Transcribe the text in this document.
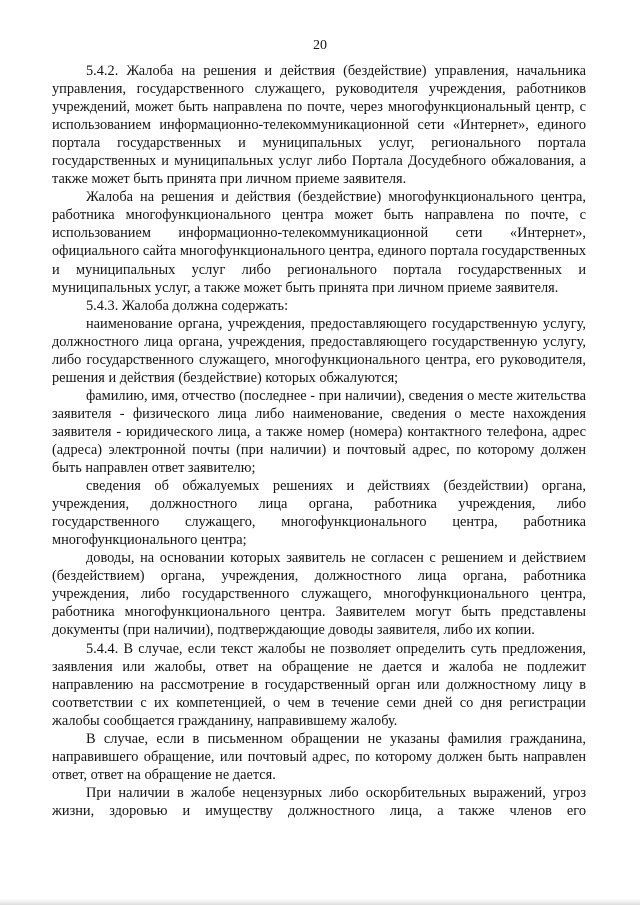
20

5.4.2. Жалоба на решения и действия (бездействие) управления, начальника управления, государственного служащего, руководителя учреждения, работников учреждений, может быть направлена по почте, через многофункциональный центр, с использованием информационно-телекоммуникационной сети «Интернет», единого портала государственных и муниципальных услуг, регионального портала государственных и муниципальных услуг либо Портала Досудебного обжалования, а также может быть принята при личном приеме заявителя.

Жалоба на решения и действия (бездействие) многофункционального центра, работника многофункционального центра может быть направлена по почте, с использованием информационно-телекоммуникационной сети «Интернет», официального сайта многофункционального центра, единого портала государственных и муниципальных услуг либо регионального портала государственных и муниципальных услуг, а также может быть принята при личном приеме заявителя.

5.4.3. Жалоба должна содержать:

наименование органа, учреждения, предоставляющего государственную услугу, должностного лица органа, учреждения, предоставляющего государственную услугу, либо государственного служащего, многофункционального центра, его руководителя, решения и действия (бездействие) которых обжалуются;

фамилию, имя, отчество (последнее - при наличии), сведения о месте жительства заявителя - физического лица либо наименование, сведения о месте нахождения заявителя - юридического лица, а также номер (номера) контактного телефона, адрес (адреса) электронной почты (при наличии) и почтовый адрес, по которому должен быть направлен ответ заявителю;

сведения об обжалуемых решениях и действиях (бездействии) органа, учреждения, должностного лица органа, работника учреждения, либо государственного служащего, многофункционального центра, работника многофункционального центра;

доводы, на основании которых заявитель не согласен с решением и действием (бездействием) органа, учреждения, должностного лица органа, работника учреждения, либо государственного служащего, многофункционального центра, работника многофункционального центра. Заявителем могут быть представлены документы (при наличии), подтверждающие доводы заявителя, либо их копии.

5.4.4. В случае, если текст жалобы не позволяет определить суть предложения, заявления или жалобы, ответ на обращение не дается и жалоба не подлежит направлению на рассмотрение в государственный орган или должностному лицу в соответствии с их компетенцией, о чем в течение семи дней со дня регистрации жалобы сообщается гражданину, направившему жалобу.

В случае, если в письменном обращении не указаны фамилия гражданина, направившего обращение, или почтовый адрес, по которому должен быть направлен ответ, ответ на обращение не дается.

При наличии в жалобе нецензурных либо оскорбительных выражений, угроз жизни, здоровью и имуществу должностного лица, а также членов его
